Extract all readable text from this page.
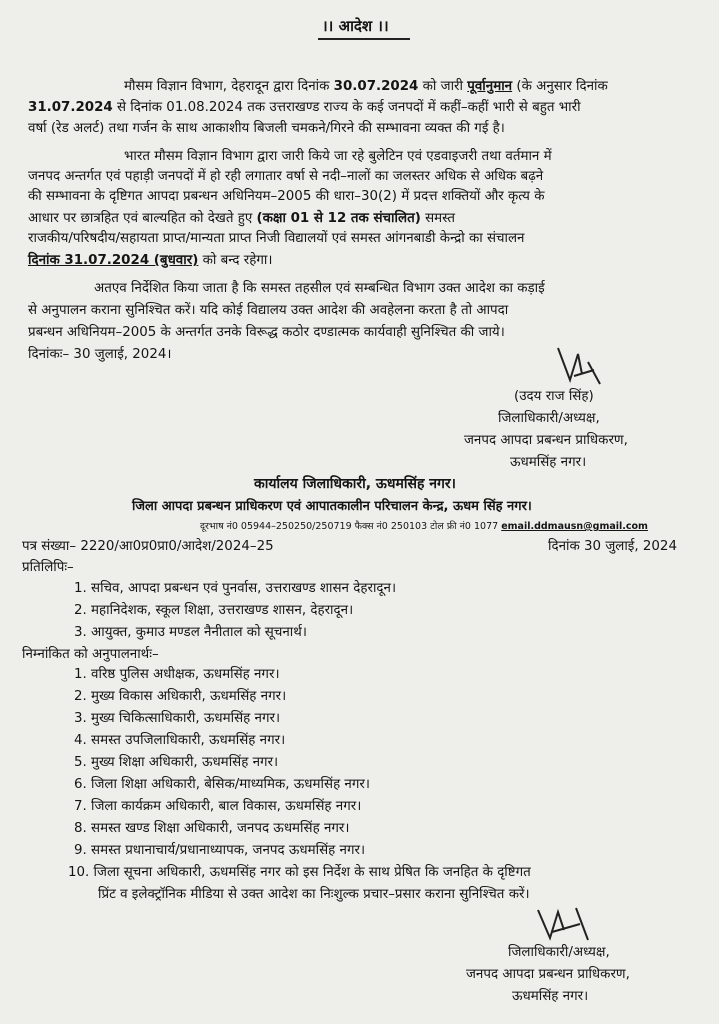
।। आदेश ।।
मौसम विज्ञान विभाग, देहरादून द्वारा दिनांक 30.07.2024 को जारी पूर्वानुमान (के अनुसार दिनांक
31.07.2024 से दिनांक 01.08.2024 तक उत्तराखण्ड राज्य के कई जनपदों में कहीं–कहीं भारी से बहुत भारी
वर्षा (रेड अलर्ट) तथा गर्जन के साथ आकाशीय बिजली चमकने/गिरने की सम्भावना व्यक्त की गई है।
भारत मौसम विज्ञान विभाग द्वारा जारी किये जा रहे बुलेटिन एवं एडवाइजरी तथा वर्तमान में
जनपद अन्तर्गत एवं पहाड़ी जनपदों में हो रही लगातार वर्षा से नदी–नालों का जलस्तर अधिक से अधिक बढ़ने
की सम्भावना के दृष्टिगत आपदा प्रबन्धन अधिनियम–2005 की धारा–30(2) में प्रदत्त शक्तियों और कृत्य के
आधार पर छात्रहित एवं बाल्यहित को देखते हुए (कक्षा 01 से 12 तक संचालित) समस्त
राजकीय/परिषदीय/सहायता प्राप्त/मान्यता प्राप्त निजी विद्यालयों एवं समस्त आंगनबाडी केन्द्रो का संचालन
दिनांक 31.07.2024 (बुधवार) को बन्द रहेगा।
अतएव निर्देशित किया जाता है कि समस्त तहसील एवं सम्बन्धित विभाग उक्त आदेश का कड़ाई
से अनुपालन कराना सुनिश्चित करें। यदि कोई विद्यालय उक्त आदेश की अवहेलना करता है तो आपदा
प्रबन्धन अधिनियम–2005 के अन्तर्गत उनके विरूद्ध कठोर दण्डात्मक कार्यवाही सुनिश्चित की जाये।
दिनांकः– 30 जुलाई, 2024।
(उदय राज सिंह)
जिलाधिकारी/अध्यक्ष,
जनपद आपदा प्रबन्धन प्राधिकरण,
ऊधमसिंह नगर।
कार्यालय जिलाधिकारी, ऊधमसिंह नगर।
जिला आपदा प्रबन्धन प्राधिकरण एवं आपातकालीन परिचालन केन्द्र, ऊधम सिंह नगर।
दूरभाष नं0 05944–250250/250719 फैक्स नं0 250103 टोल फ्री नं0 1077 email.ddmausn@gmail.com
पत्र संख्या– 2220/आ0प्र0प्रा0/आदेश/2024–25	दिनांक 30 जुलाई, 2024
प्रतिलिपिः–
1. सचिव, आपदा प्रबन्धन एवं पुनर्वास, उत्तराखण्ड शासन देहरादून।
2. महानिदेशक, स्कूल शिक्षा, उत्तराखण्ड शासन, देहरादून।
3. आयुक्त, कुमाउ मण्डल नैनीताल को सूचनार्थ।
निम्नांकित को अनुपालनार्थः–
1. वरिष्ठ पुलिस अधीक्षक, ऊधमसिंह नगर।
2. मुख्य विकास अधिकारी, ऊधमसिंह नगर।
3. मुख्य चिकित्साधिकारी, ऊधमसिंह नगर।
4. समस्त उपजिलाधिकारी, ऊधमसिंह नगर।
5. मुख्य शिक्षा अधिकारी, ऊधमसिंह नगर।
6. जिला शिक्षा अधिकारी, बेसिक/माध्यमिक, ऊधमसिंह नगर।
7. जिला कार्यक्रम अधिकारी, बाल विकास, ऊधमसिंह नगर।
8. समस्त खण्ड शिक्षा अधिकारी, जनपद ऊधमसिंह नगर।
9. समस्त प्रधानाचार्य/प्रधानाध्यापक, जनपद ऊधमसिंह नगर।
10. जिला सूचना अधिकारी, ऊधमसिंह नगर को इस निर्देश के साथ प्रेषित कि जनहित के दृष्टिगत
प्रिंट व इलेक्ट्रॉनिक मीडिया से उक्त आदेश का निःशुल्क प्रचार–प्रसार कराना सुनिश्चित करें।
जिलाधिकारी/अध्यक्ष,
जनपद आपदा प्रबन्धन प्राधिकरण,
ऊधमसिंह नगर।
